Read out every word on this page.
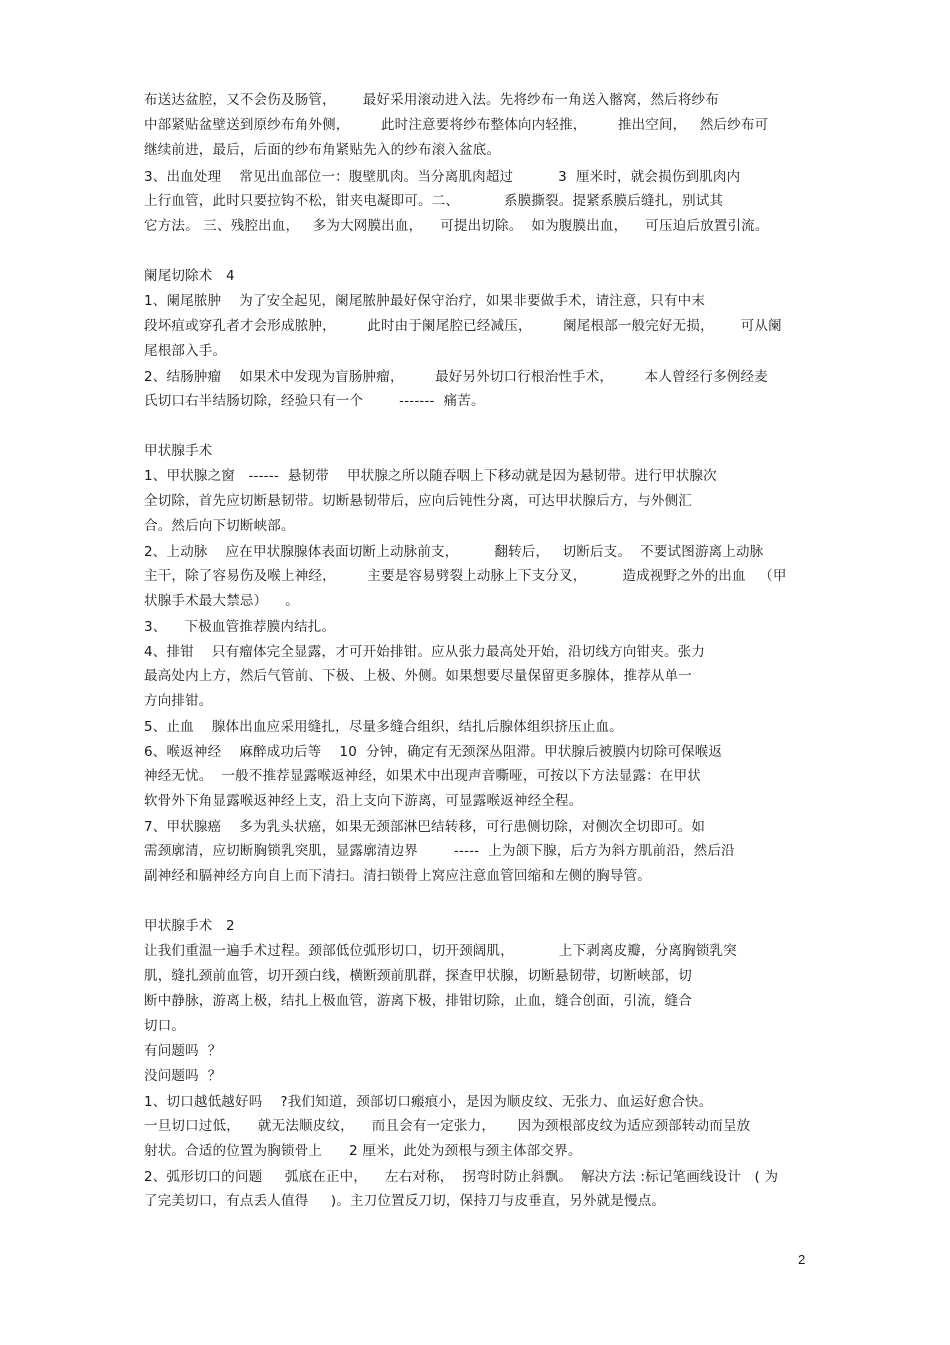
布送达盆腔，又不会伤及肠管，      最好采用滚动进入法。先将纱布一角送入髂窝，然后将纱布
中部紧贴盆壁送到原纱布角外侧，       此时注意要将纱布整体向内轻推，       推出空间，   然后纱布可
继续前进，最后，后面的纱布角紧贴先入的纱布滚入盆底。
3、出血处理    常见出血部位一：腹壁肌肉。当分离肌肉超过          3  厘米时，就会损伤到肌肉内
上行血管，此时只要拉钩不松，钳夹电凝即可。二、          系膜撕裂。提紧系膜后缝扎，别试其
它方法。 三、残腔出血，   多为大网膜出血，    可提出切除。  如为腹膜出血，    可压迫后放置引流。
阑尾切除术   4
1、阑尾脓肿    为了安全起见，阑尾脓肿最好保守治疗，如果非要做手术，请注意，只有中末
段坏疽或穿孔者才会形成脓肿，       此时由于阑尾腔已经减压，       阑尾根部一般完好无损，      可从阑
尾根部入手。
2、结肠肿瘤    如果术中发现为盲肠肿瘤，       最好另外切口行根治性手术，       本人曾经行多例经麦
氏切口右半结肠切除，经验只有一个        -------  痛苦。
甲状腺手术
1、甲状腺之窗   ------  悬韧带    甲状腺之所以随吞咽上下移动就是因为悬韧带。进行甲状腺次
全切除，首先应切断悬韧带。切断悬韧带后，应向后钝性分离，可达甲状腺后方，与外侧汇
合。然后向下切断峡部。
2、上动脉    应在甲状腺腺体表面切断上动脉前支，        翻转后，   切断后支。  不要试图游离上动脉
主干，除了容易伤及喉上神经，       主要是容易劈裂上动脉上下支分叉，        造成视野之外的出血   （甲
状腺手术最大禁忌）    。
3、    下极血管推荐膜内结扎。
4、排钳    只有瘤体完全显露，才可开始排钳。应从张力最高处开始，沿切线方向钳夹。张力
最高处内上方，然后气管前、下极、上极、外侧。如果想要尽量保留更多腺体，推荐从单一
方向排钳。
5、止血    腺体出血应采用缝扎，尽量多缝合组织，结扎后腺体组织挤压止血。
6、喉返神经    麻醉成功后等    10  分钟，确定有无颈深丛阻滞。甲状腺后被膜内切除可保喉返
神经无忧。  一般不推荐显露喉返神经，如果术中出现声音嘶哑，可按以下方法显露：在甲状
软骨外下角显露喉返神经上支，沿上支向下游离，可显露喉返神经全程。
7、甲状腺癌    多为乳头状癌，如果无颈部淋巴结转移，可行患侧切除，对侧次全切即可。如
需颈廓清，应切断胸锁乳突肌，显露廓清边界        -----  上为颌下腺，后方为斜方肌前沿，然后沿
副神经和膈神经方向自上而下清扫。清扫锁骨上窝应注意血管回缩和左侧的胸导管。
甲状腺手术   2
让我们重温一遍手术过程。颈部低位弧形切口，切开颈阔肌，          上下剥离皮瓣，分离胸锁乳突
肌，缝扎颈前血管，切开颈白线，横断颈前肌群，探查甲状腺，切断悬韧带，切断峡部，切
断中静脉，游离上极，结扎上极血管，游离下极，排钳切除，止血，缝合创面，引流，缝合
切口。
有问题吗  ？
没问题吗  ？
1、切口越低越好吗    ?我们知道，颈部切口瘢痕小，是因为顺皮纹、无张力、血运好愈合快。
一旦切口过低，    就无法顺皮纹，    而且会有一定张力，     因为颈根部皮纹为适应颈部转动而呈放
射状。合适的位置为胸锁骨上      2 厘米，此处为颈根与颈主体部交界。
2、弧形切口的问题     弧底在正中，    左右对称，  拐弯时防止斜飘。  解决方法 :标记笔画线设计   ( 为
了完美切口，有点丢人值得     )。主刀位置反刀切，保持刀与皮垂直，另外就是慢点。
2
